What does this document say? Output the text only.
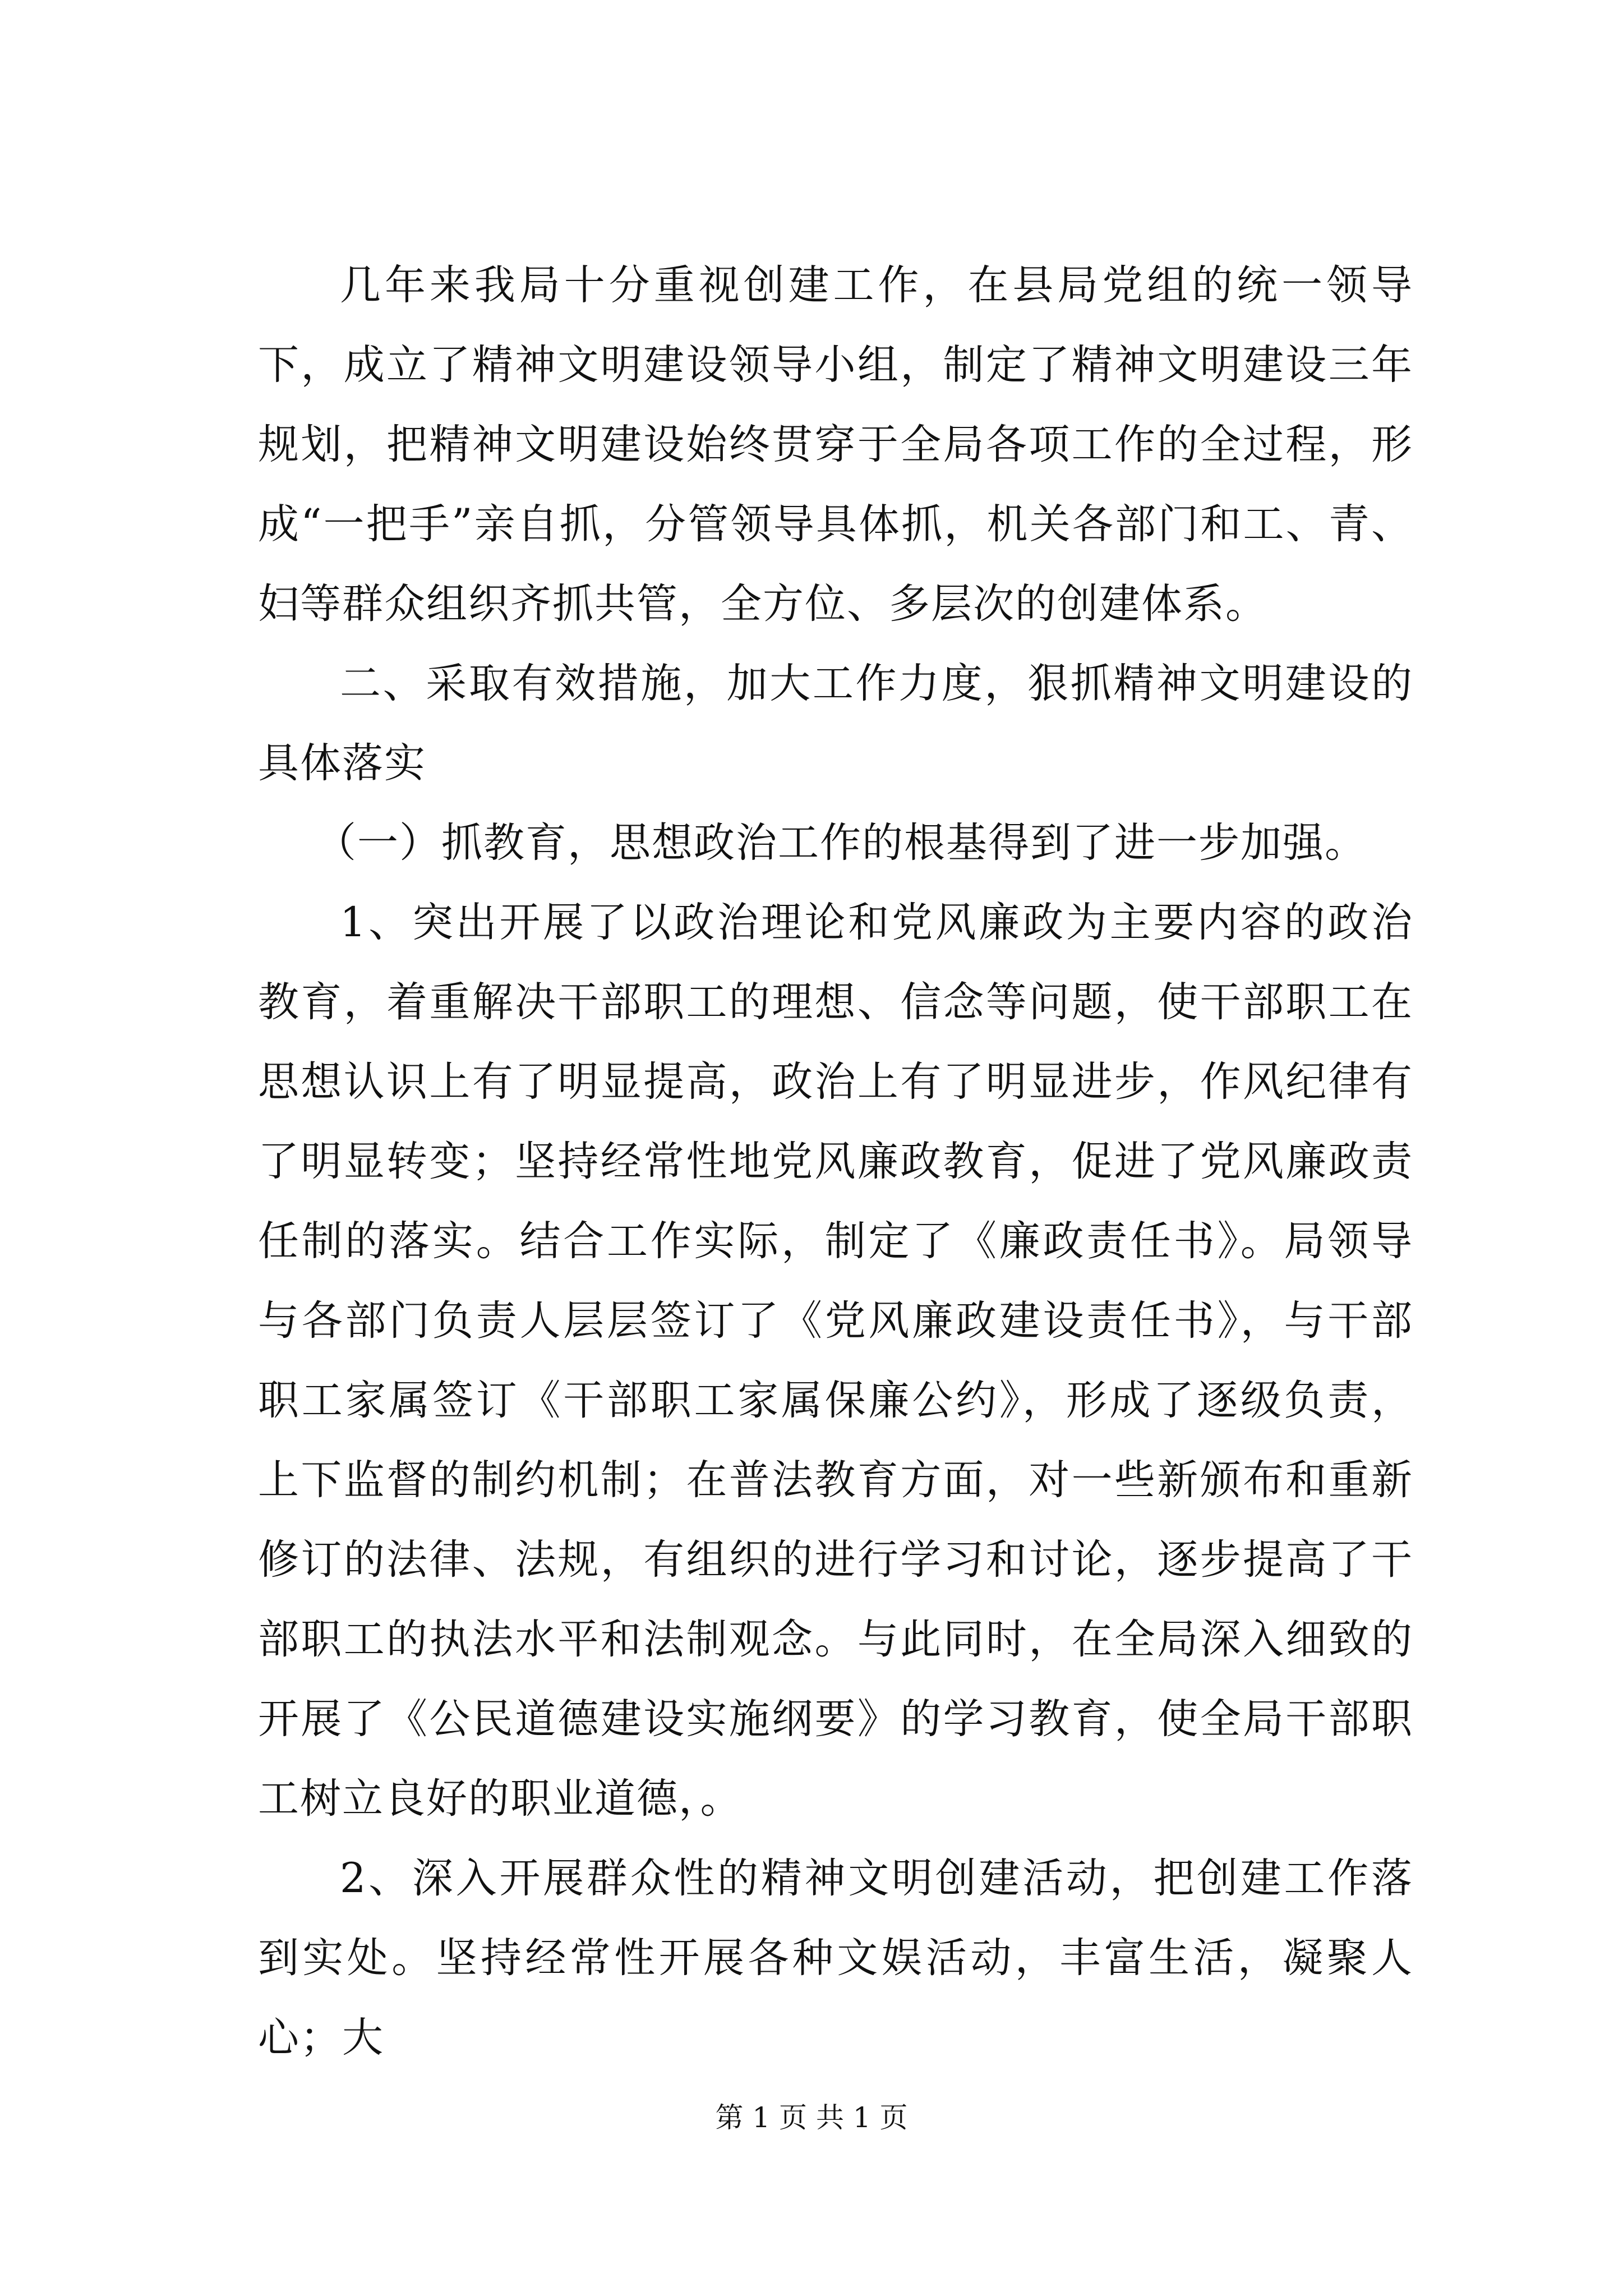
几年来我局十分重视创建工作，在县局党组的统一领导下，成立了精神文明建设领导小组，制定了精神文明建设三年规划，把精神文明建设始终贯穿于全局各项工作的全过程，形成“一把手”亲自抓，分管领导具体抓，机关各部门和工、青、妇等群众组织齐抓共管，全方位、多层次的创建体系。

二、采取有效措施，加大工作力度，狠抓精神文明建设的具体落实

（一）抓教育，思想政治工作的根基得到了进一步加强。

1、突出开展了以政治理论和党风廉政为主要内容的政治教育，着重解决干部职工的理想、信念等问题，使干部职工在思想认识上有了明显提高，政治上有了明显进步，作风纪律有了明显转变；坚持经常性地党风廉政教育，促进了党风廉政责任制的落实。结合工作实际，制定了《廉政责任书》。局领导与各部门负责人层层签订了《党风廉政建设责任书》，与干部职工家属签订《干部职工家属保廉公约》，形成了逐级负责，上下监督的制约机制；在普法教育方面，对一些新颁布和重新修订的法律、法规，有组织的进行学习和讨论，逐步提高了干部职工的执法水平和法制观念。与此同时，在全局深入细致的开展了《公民道德建设实施纲要》的学习教育，使全局干部职工树立良好的职业道德，。

2、深入开展群众性的精神文明创建活动，把创建工作落到实处。坚持经常性开展各种文娱活动，丰富生活，凝聚人心；大

第 1 页 共 1 页
